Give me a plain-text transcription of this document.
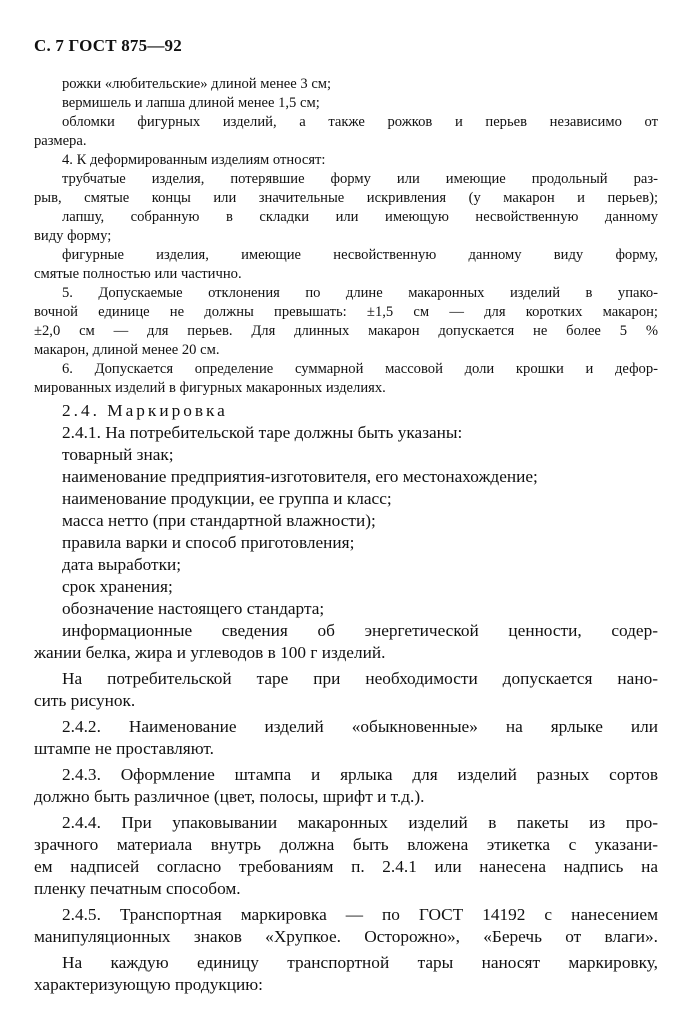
С. 7 ГОСТ 875—92
рожки «любительские» длиной менее 3 см;
вермишель и лапша длиной менее 1,5 см;
обломки фигурных изделий, а также рожков и перьев независимо от
размера.
4. К деформированным изделиям относят:
трубчатые изделия, потерявшие форму или имеющие продольный раз-
рыв, смятые концы или значительные искривления (у макарон и перьев);
лапшу, собранную в складки или имеющую несвойственную данному
виду форму;
фигурные изделия, имеющие несвойственную данному виду форму,
смятые полностью или частично.
5. Допускаемые отклонения по длине макаронных изделий в упако-
вочной единице не должны превышать: ±1,5 см — для коротких макарон;
±2,0 см — для перьев. Для длинных макарон допускается не более 5 %
макарон, длиной менее 20 см.
6. Допускается определение суммарной массовой доли крошки и дефор-
мированных изделий в фигурных макаронных изделиях.
2.4. Маркировка
2.4.1. На потребительской таре должны быть указаны:
товарный знак;
наименование предприятия-изготовителя, его местонахождение;
наименование продукции, ее группа и класс;
масса нетто (при стандартной влажности);
правила варки и способ приготовления;
дата выработки;
срок хранения;
обозначение настоящего стандарта;
информационные сведения об энергетической ценности, содер-
жании белка, жира и углеводов в 100 г изделий.
На потребительской таре при необходимости допускается нано-
сить рисунок.
2.4.2. Наименование изделий «обыкновенные» на ярлыке или
штампе не проставляют.
2.4.3. Оформление штампа и ярлыка для изделий разных сортов
должно быть различное (цвет, полосы, шрифт и т.д.).
2.4.4. При упаковывании макаронных изделий в пакеты из про-
зрачного материала внутрь должна быть вложена этикетка с указани-
ем надписей согласно требованиям п. 2.4.1 или нанесена надпись на
пленку печатным способом.
2.4.5. Транспортная маркировка — по ГОСТ 14192 с нанесением
манипуляционных знаков «Хрупкое. Осторожно», «Беречь от влаги».
На каждую единицу транспортной тары наносят маркировку,
характеризующую продукцию:
